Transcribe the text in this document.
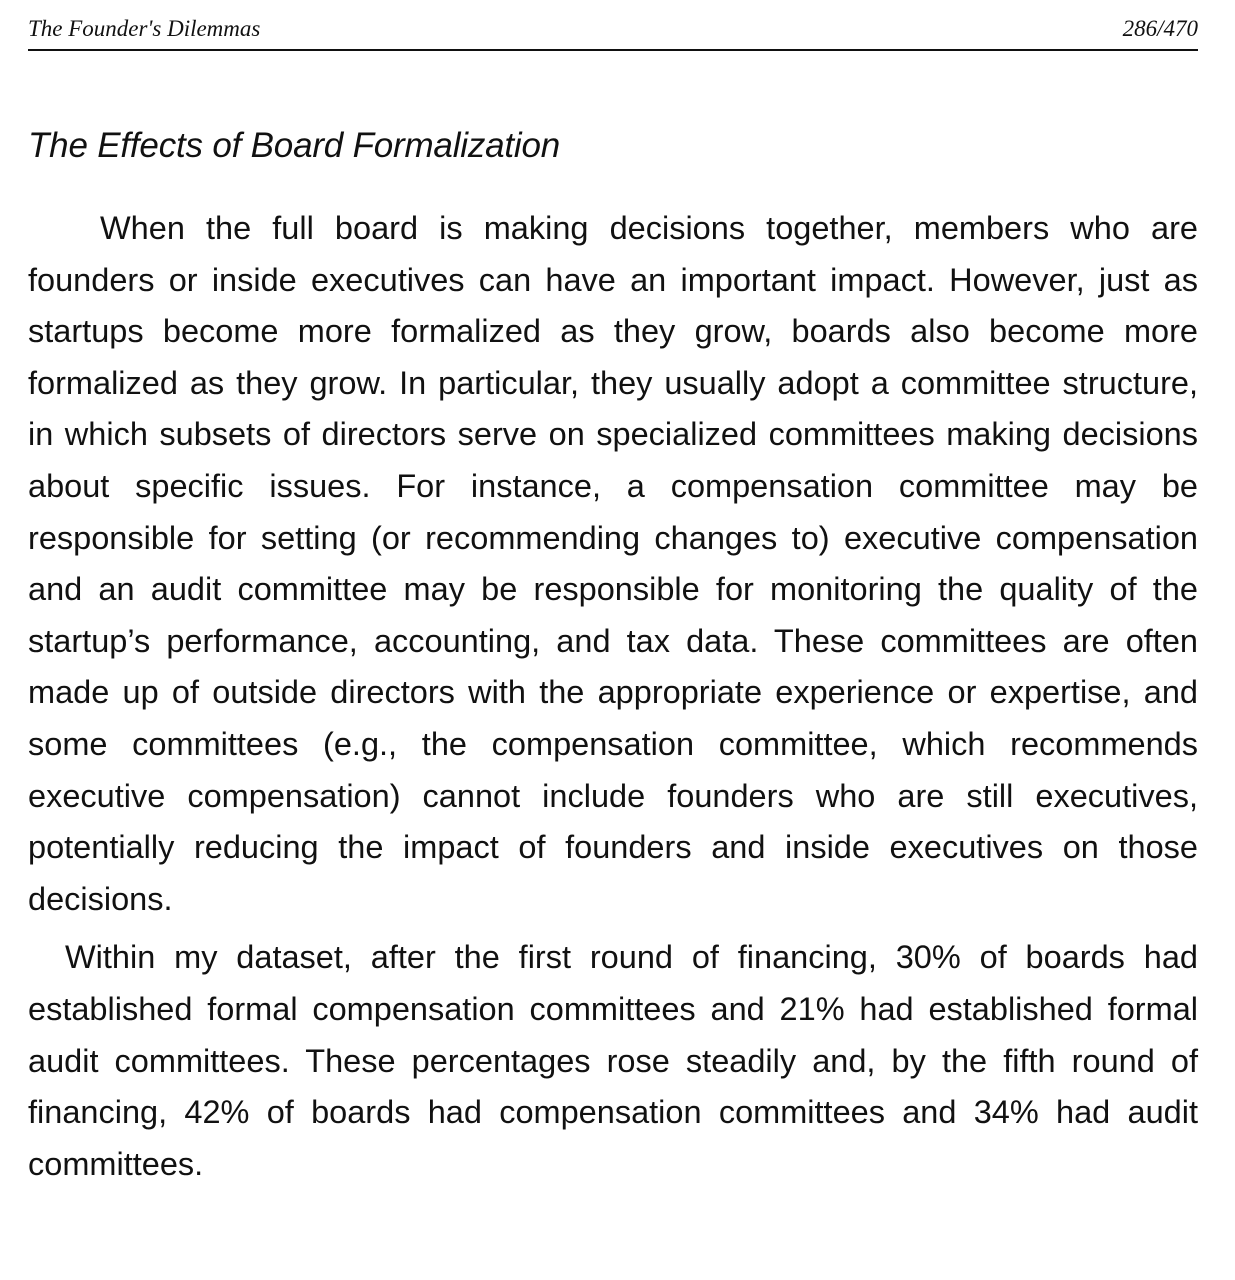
The Founder's Dilemmas	286/470
The Effects of Board Formalization

When the full board is making decisions together, members who are founders or inside executives can have an important impact. However, just as startups become more formalized as they grow, boards also become more formalized as they grow. In particular, they usually adopt a committee structure, in which subsets of directors serve on specialized committees making decisions about specific issues. For instance, a compensation committee may be responsible for setting (or recommending changes to) executive compensation and an audit committee may be responsible for monitoring the quality of the startup’s performance, accounting, and tax data. These committees are often made up of outside directors with the appropriate experience or expertise, and some committees (e.g., the compensation committee, which recommends executive compensation) cannot include founders who are still executives, potentially reducing the impact of founders and inside executives on those decisions.

Within my dataset, after the first round of financing, 30% of boards had established formal compensation committees and 21% had established formal audit committees. These percentages rose steadily and, by the fifth round of financing, 42% of boards had compensation committees and 34% had audit committees.
